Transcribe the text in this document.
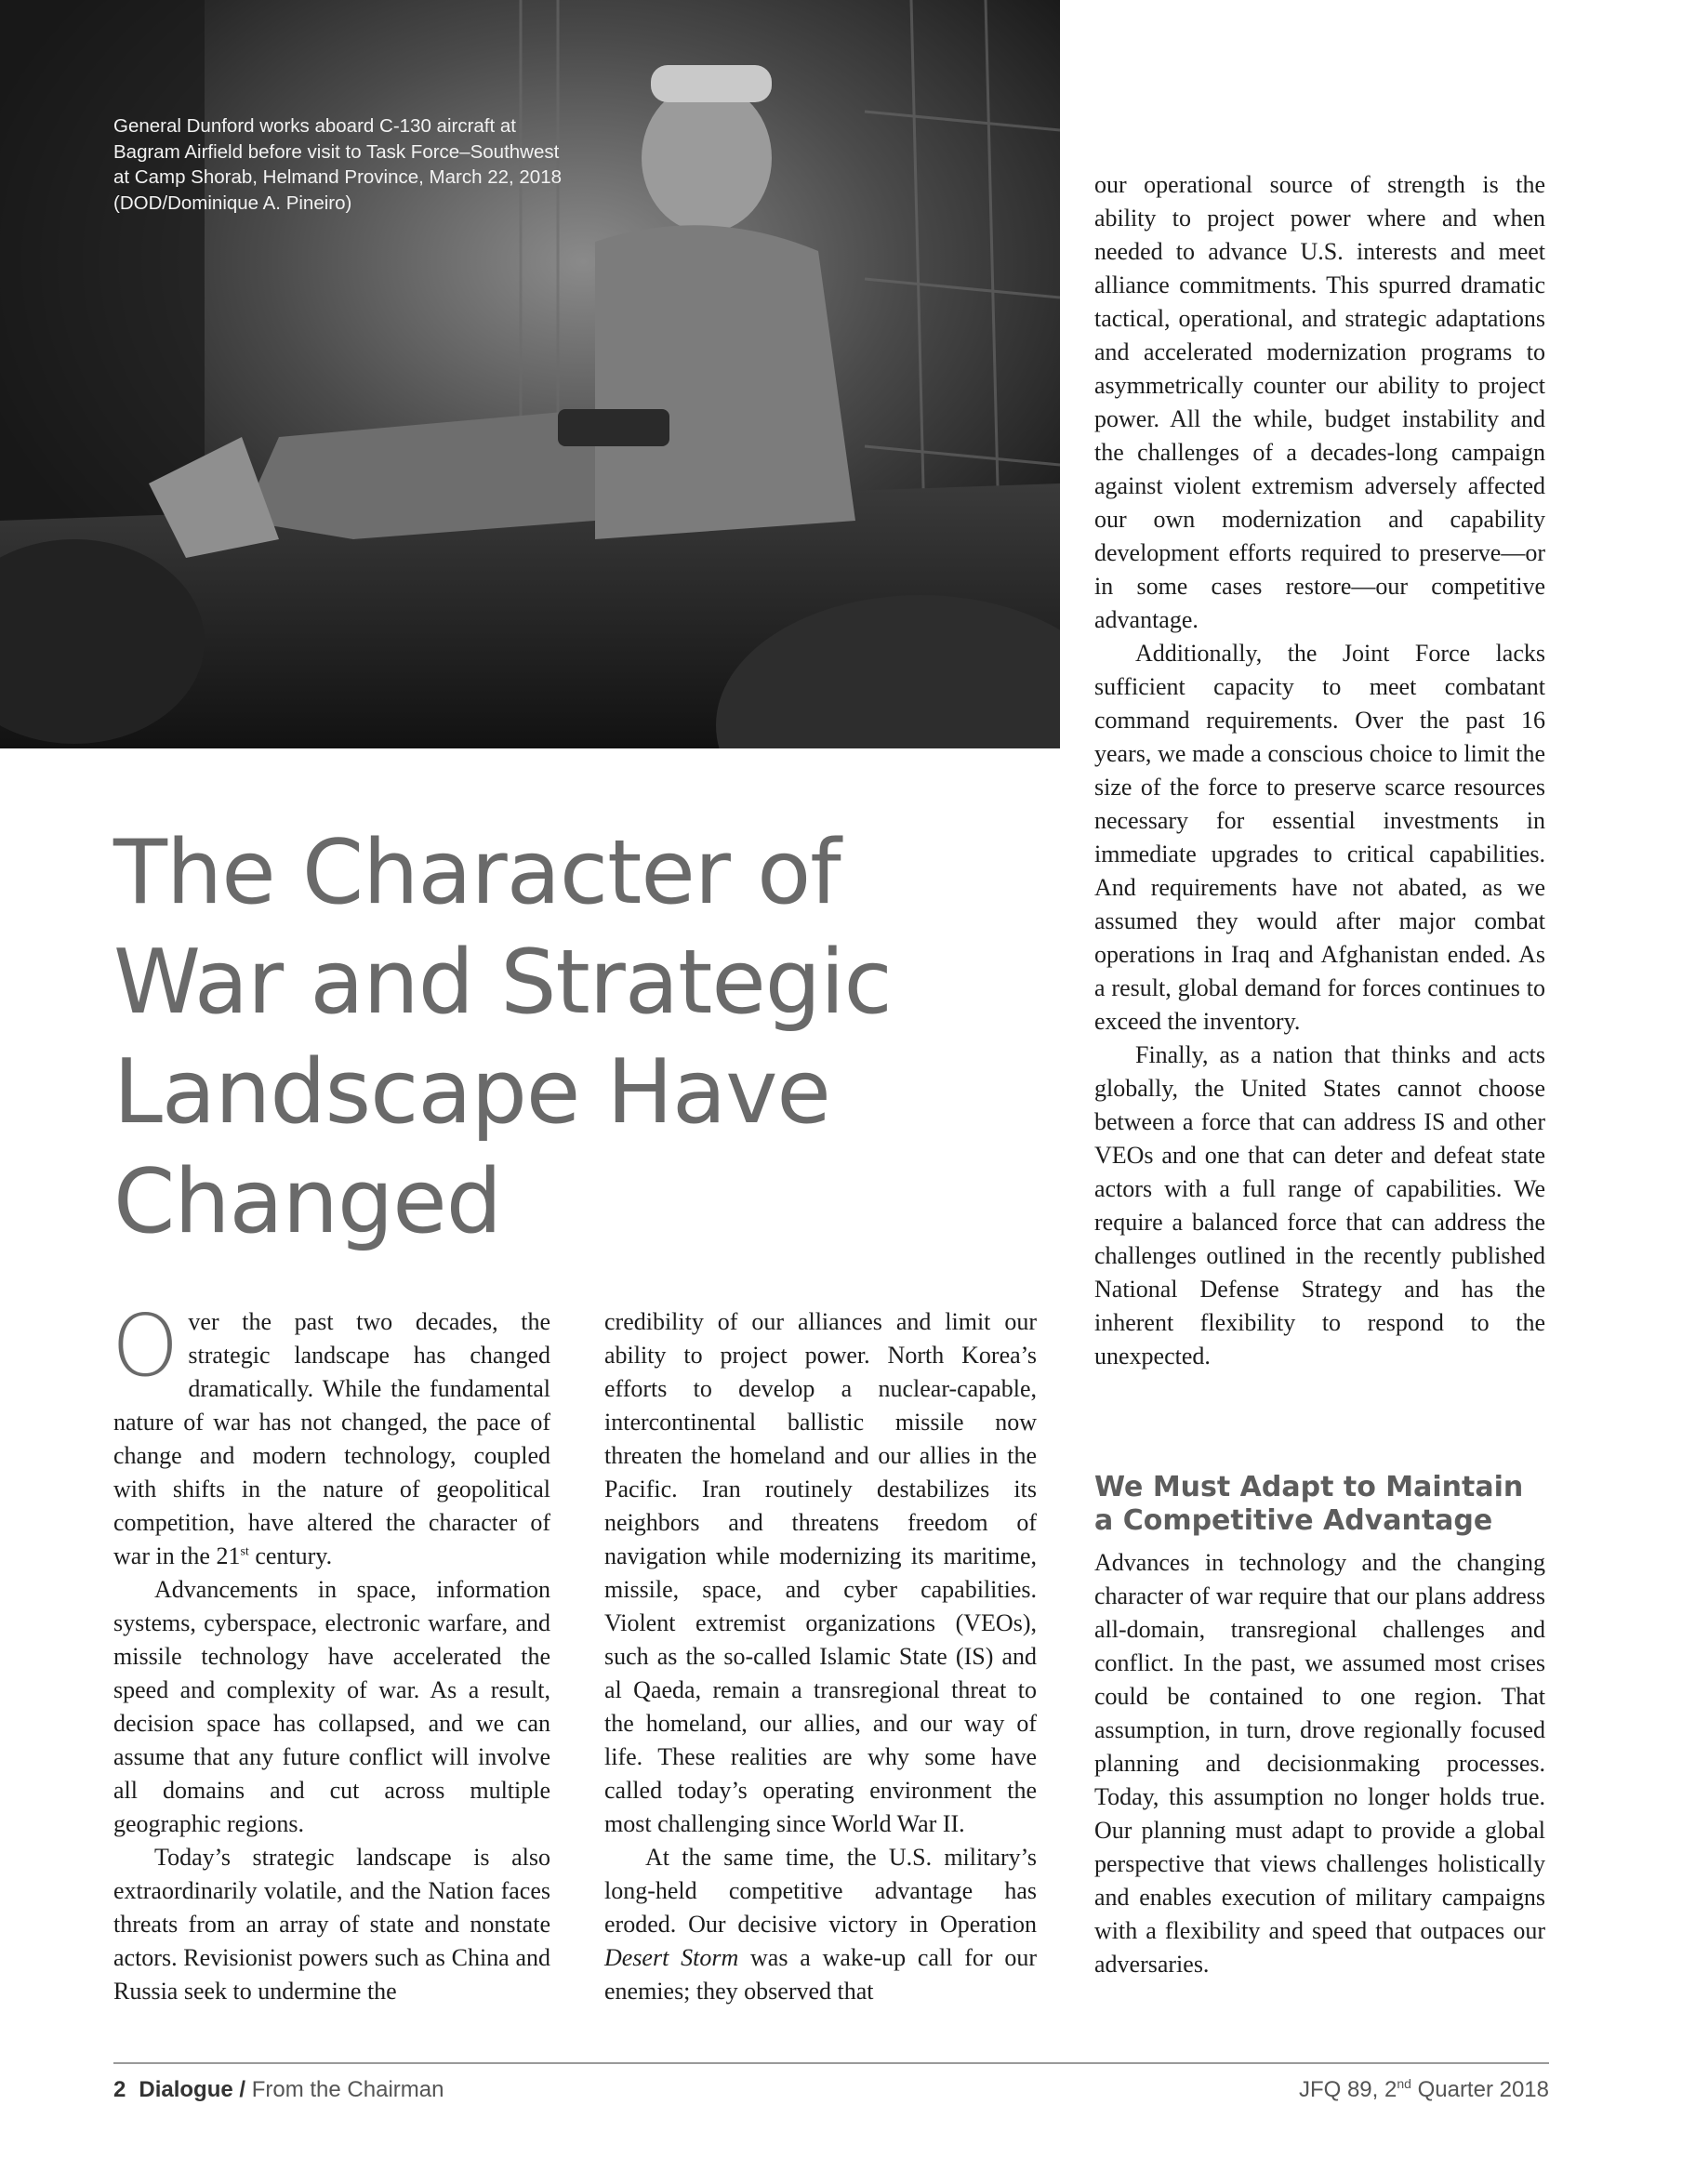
General Dunford works aboard C-130 aircraft at Bagram Airfield before visit to Task Force–Southwest at Camp Shorab, Helmand Province, March 22, 2018 (DOD/Dominique A. Pineiro)
The Character of
War and Strategic
Landscape Have
Changed

Over the past two decades, the strategic landscape has changed dramatically. While the fundamental nature of war has not changed, the pace of change and modern technology, coupled with shifts in the nature of geopolitical competition, have altered the character of war in the 21st century.

Advancements in space, information systems, cyberspace, electronic warfare, and missile technology have accelerated the speed and complexity of war. As a result, decision space has collapsed, and we can assume that any future conflict will involve all domains and cut across multiple geographic regions.

Today’s strategic landscape is also extraordinarily volatile, and the Nation faces threats from an array of state and nonstate actors. Revisionist powers such as China and Russia seek to undermine the

credibility of our alliances and limit our ability to project power. North Korea’s efforts to develop a nuclear-capable, intercontinental ballistic missile now threaten the homeland and our allies in the Pacific. Iran routinely destabilizes its neighbors and threatens freedom of navigation while modernizing its maritime, missile, space, and cyber capabilities. Violent extremist organizations (VEOs), such as the so-called Islamic State (IS) and al Qaeda, remain a transregional threat to the homeland, our allies, and our way of life. These realities are why some have called today’s operating environment the most challenging since World War II.

At the same time, the U.S. military’s long-held competitive advantage has eroded. Our decisive victory in Operation Desert Storm was a wake-up call for our enemies; they observed that

our operational source of strength is the ability to project power where and when needed to advance U.S. interests and meet alliance commitments. This spurred dramatic tactical, operational, and strategic adaptations and accelerated modernization programs to asymmetrically counter our ability to project power. All the while, budget instability and the challenges of a decades-long campaign against violent extremism adversely affected our own modernization and capability development efforts required to preserve—or in some cases restore—our competitive advantage.

Additionally, the Joint Force lacks sufficient capacity to meet combatant command requirements. Over the past 16 years, we made a conscious choice to limit the size of the force to preserve scarce resources necessary for essential investments in immediate upgrades to critical capabilities. And requirements have not abated, as we assumed they would after major combat operations in Iraq and Afghanistan ended. As a result, global demand for forces continues to exceed the inventory.

Finally, as a nation that thinks and acts globally, the United States cannot choose between a force that can address IS and other VEOs and one that can deter and defeat state actors with a full range of capabilities. We require a balanced force that can address the challenges outlined in the recently published National Defense Strategy and has the inherent flexibility to respond to the unexpected.

We Must Adapt to Maintain
a Competitive Advantage

Advances in technology and the changing character of war require that our plans address all-domain, transregional challenges and conflict. In the past, we assumed most crises could be contained to one region. That assumption, in turn, drove regionally focused planning and decisionmaking processes. Today, this assumption no longer holds true. Our planning must adapt to provide a global perspective that views challenges holistically and enables execution of military campaigns with a flexibility and speed that outpaces our adversaries.

2 Dialogue / From the Chairman	JFQ 89, 2nd Quarter 2018
